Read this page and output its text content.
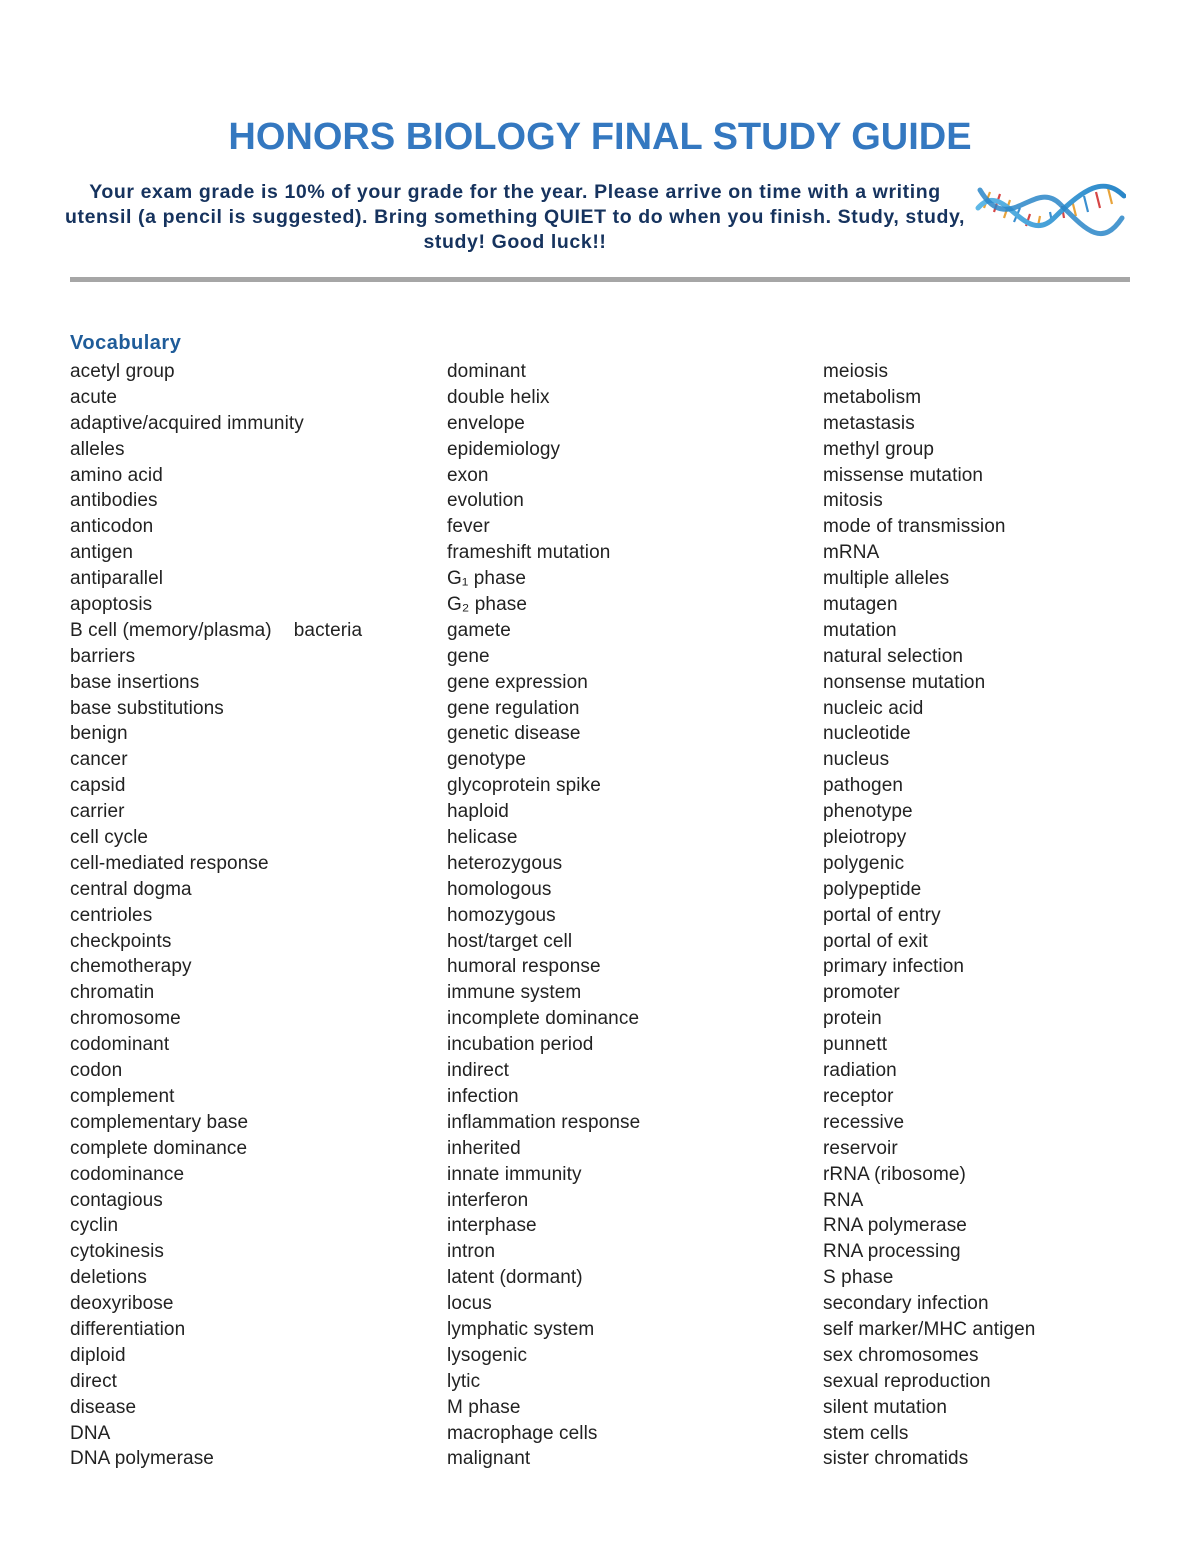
HONORS BIOLOGY FINAL STUDY GUIDE

Your exam grade is 10% of your grade for the year. Please arrive on time with a writing utensil (a pencil is suggested). Bring something QUIET to do when you finish. Study, study, study! Good luck!!

Vocabulary
acetyl group
acute
adaptive/acquired immunity
alleles
amino acid
antibodies
anticodon
antigen
antiparallel
apoptosis
B cell (memory/plasma) bacteria
barriers
base insertions
base substitutions
benign
cancer
capsid
carrier
cell cycle
cell-mediated response
central dogma
centrioles
checkpoints
chemotherapy
chromatin
chromosome
codominant
codon
complement
complementary base
complete dominance
codominance
contagious
cyclin
cytokinesis
deletions
deoxyribose
differentiation
diploid
direct
disease
DNA
DNA polymerase
dominant
double helix
envelope
epidemiology
exon
evolution
fever
frameshift mutation
G₁ phase
G₂ phase
gamete
gene
gene expression
gene regulation
genetic disease
genotype
glycoprotein spike
haploid
helicase
heterozygous
homologous
homozygous
host/target cell
humoral response
immune system
incomplete dominance
incubation period
indirect
infection
inflammation response
inherited
innate immunity
interferon
interphase
intron
latent (dormant)
locus
lymphatic system
lysogenic
lytic
M phase
macrophage cells
malignant
meiosis
metabolism
metastasis
methyl group
missense mutation
mitosis
mode of transmission
mRNA
multiple alleles
mutagen
mutation
natural selection
nonsense mutation
nucleic acid
nucleotide
nucleus
pathogen
phenotype
pleiotropy
polygenic
polypeptide
portal of entry
portal of exit
primary infection
promoter
protein
punnett
radiation
receptor
recessive
reservoir
rRNA (ribosome)
RNA
RNA polymerase
RNA processing
S phase
secondary infection
self marker/MHC antigen
sex chromosomes
sexual reproduction
silent mutation
stem cells
sister chromatids
